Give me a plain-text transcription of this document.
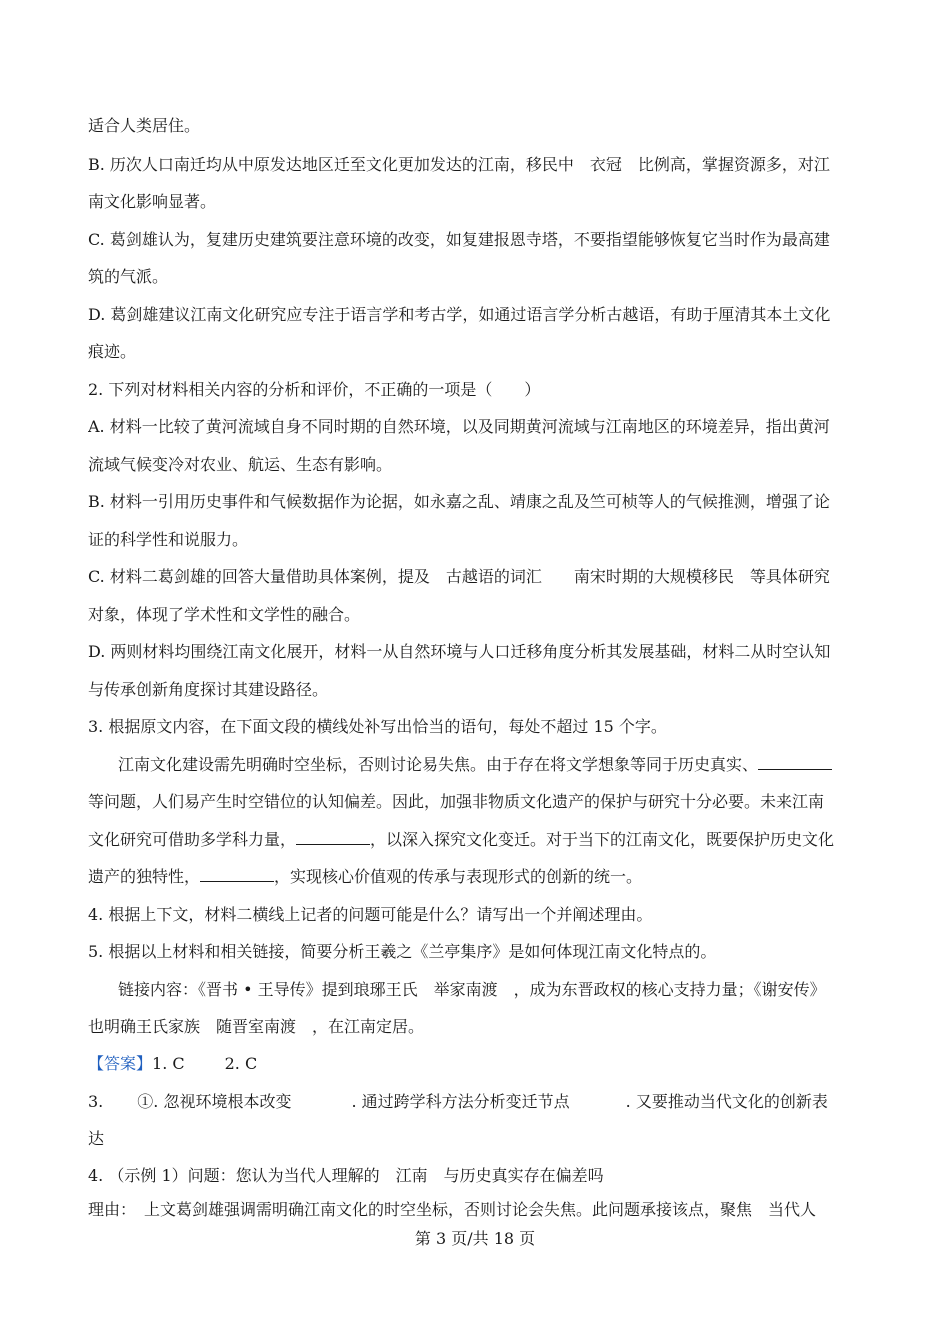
适合人类居住。
B. 历次人口南迁均从中原发达地区迁至文化更加发达的江南，移民中　衣冠　比例高，掌握资源多，对江
南文化影响显著。
C. 葛剑雄认为，复建历史建筑要注意环境的改变，如复建报恩寺塔，不要指望能够恢复它当时作为最高建
筑的气派。
D. 葛剑雄建议江南文化研究应专注于语言学和考古学，如通过语言学分析古越语，有助于厘清其本土文化
痕迹。
2. 下列对材料相关内容的分析和评价，不正确的一项是（　　）
A. 材料一比较了黄河流域自身不同时期的自然环境，以及同期黄河流域与江南地区的环境差异，指出黄河
流域气候变冷对农业、航运、生态有影响。
B. 材料一引用历史事件和气候数据作为论据，如永嘉之乱、靖康之乱及竺可桢等人的气候推测，增强了论
证的科学性和说服力。
C. 材料二葛剑雄的回答大量借助具体案例，提及　古越语的词汇　　南宋时期的大规模移民　等具体研究
对象，体现了学术性和文学性的融合。
D. 两则材料均围绕江南文化展开，材料一从自然环境与人口迁移角度分析其发展基础，材料二从时空认知
与传承创新角度探讨其建设路径。
3. 根据原文内容，在下面文段的横线处补写出恰当的语句，每处不超过 15 个字。
江南文化建设需先明确时空坐标，否则讨论易失焦。由于存在将文学想象等同于历史真实、
等问题，人们易产生时空错位的认知偏差。因此，加强非物质文化遗产的保护与研究十分必要。未来江南
文化研究可借助多学科力量，	，以深入探究文化变迁。对于当下的江南文化，既要保护历史文化
遗产的独特性，	，实现核心价值观的传承与表现形式的创新的统一。
4. 根据上下文，材料二横线上记者的问题可能是什么？请写出一个并阐述理由。
5. 根据以上材料和相关链接，简要分析王羲之《兰亭集序》是如何体现江南文化特点的。
链接内容：《晋书 • 王导传》提到琅琊王氏　举家南渡　，成为东晋政权的核心支持力量；《谢安传》
也明确王氏家族　随晋室南渡　，在江南定居。
【答案】1. C	2. C
3. ①. 忽视环境根本改变	. 通过跨学科方法分析变迁节点	. 又要推动当代文化的创新表
达
4. （示例 1）问题：您认为当代人理解的　江南　与历史真实存在偏差吗
理由：　上文葛剑雄强调需明确江南文化的时空坐标，否则讨论会失焦。此问题承接该点，聚焦　当代人
第 3 页/共 18 页
